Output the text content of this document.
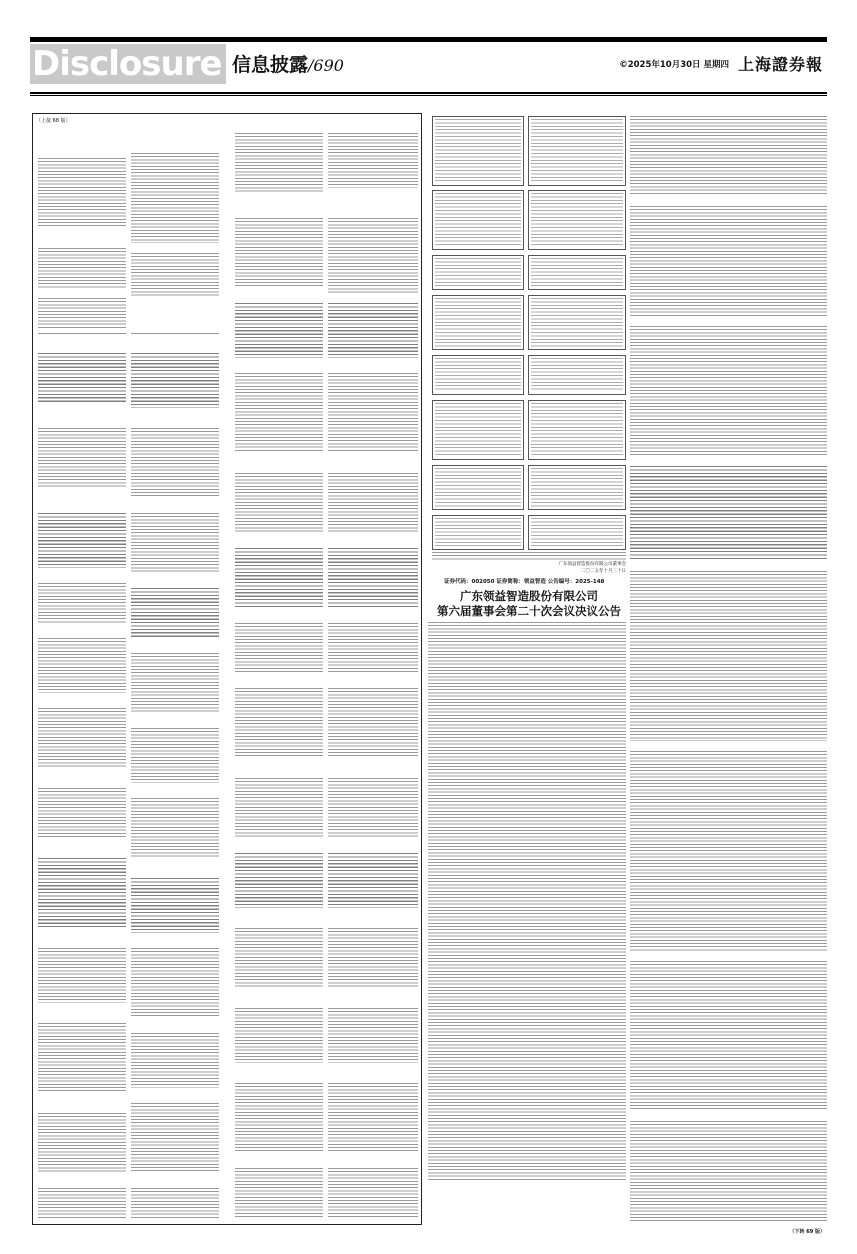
Disclosure 信息披露/690	©2025年10月30日 星期四 上海證券報
（上接 68 版）
证券代码：002050 证券简称：领益智造 公告编号：2025-148
广东领益智造股份有限公司
第六届董事会第二十次会议决议公告
广东领益智造股份有限公司董事会
二〇二五年十月三十日
（下转 69 版）
